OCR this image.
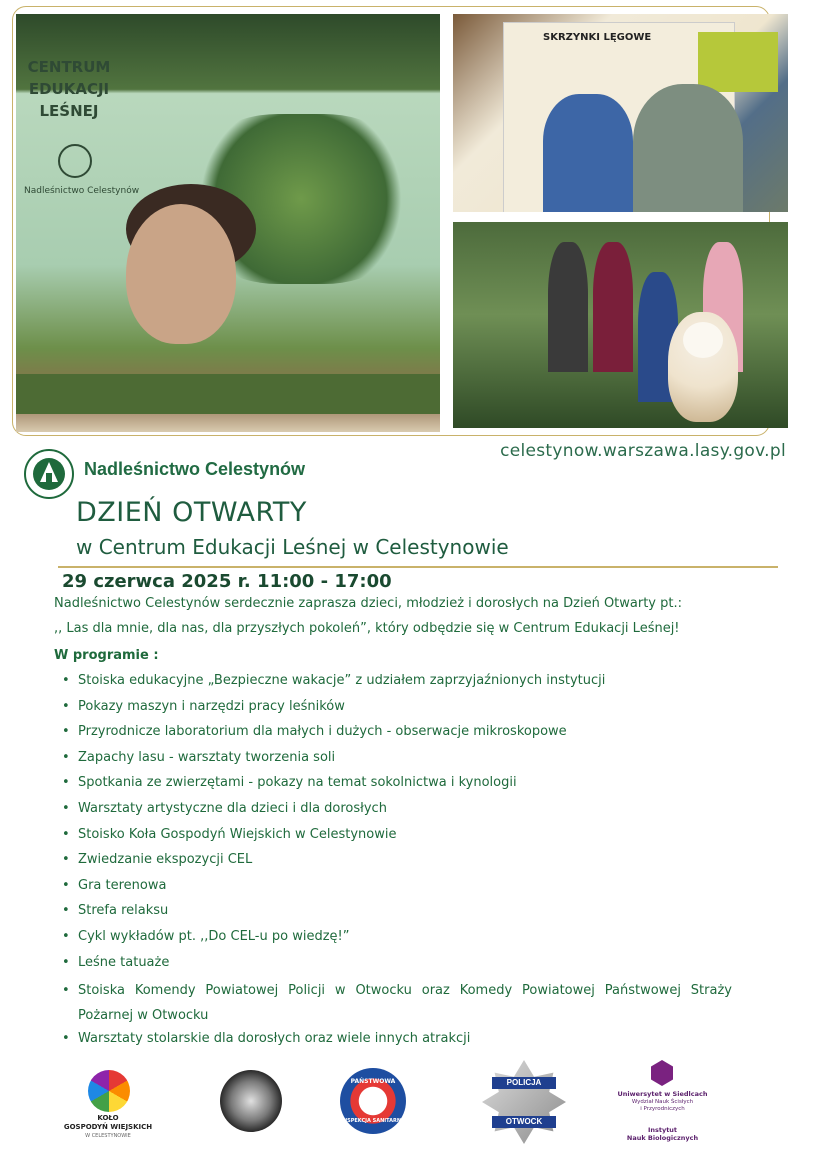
CENTRUM
EDUKACJI
LEŚNEJ
Nadleśnictwo Celestynów
SKRZYNKI LĘGOWE
celestynow.warszawa.lasy.gov.pl
Nadleśnictwo Celestynów
DZIEŃ OTWARTY
w Centrum Edukacji Leśnej w Celestynowie
29 czerwca 2025 r. 11:00 - 17:00
Nadleśnictwo Celestynów serdecznie zaprasza dzieci, młodzież i dorosłych na Dzień Otwarty pt.:
,, Las dla mnie, dla nas, dla przyszłych pokoleń”, który odbędzie się w Centrum Edukacji Leśnej!
W programie :
• Stoiska edukacyjne „Bezpieczne wakacje” z udziałem zaprzyjaźnionych instytucji
• Pokazy maszyn i narzędzi pracy leśników
• Przyrodnicze laboratorium dla małych i dużych - obserwacje mikroskopowe
• Zapachy lasu - warsztaty tworzenia soli
• Spotkania ze zwierzętami - pokazy na temat sokolnictwa i kynologii
• Warsztaty artystyczne dla dzieci i dla dorosłych
• Stoisko Koła Gospodyń Wiejskich w Celestynowie
• Zwiedzanie ekspozycji CEL
• Gra terenowa
• Strefa relaksu
• Cykl wykładów pt. ,,Do CEL-u po wiedzę!”
• Leśne tatuaże
• Stoiska Komendy Powiatowej Policji w Otwocku oraz Komedy Powiatowej Państwowej Straży Pożarnej w Otwocku
• Warsztaty stolarskie dla dorosłych oraz wiele innych atrakcji
KOŁO
GOSPODYŃ WIEJSKICH
W CELESTYNOWIE
PAŃSTWOWA
INSPEKCJA SANITARNA
POLICJA
OTWOCK
Uniwersytet w Siedlcach
Wydział Nauk Ścisłych
i Przyrodniczych
Instytut
Nauk Biologicznych
